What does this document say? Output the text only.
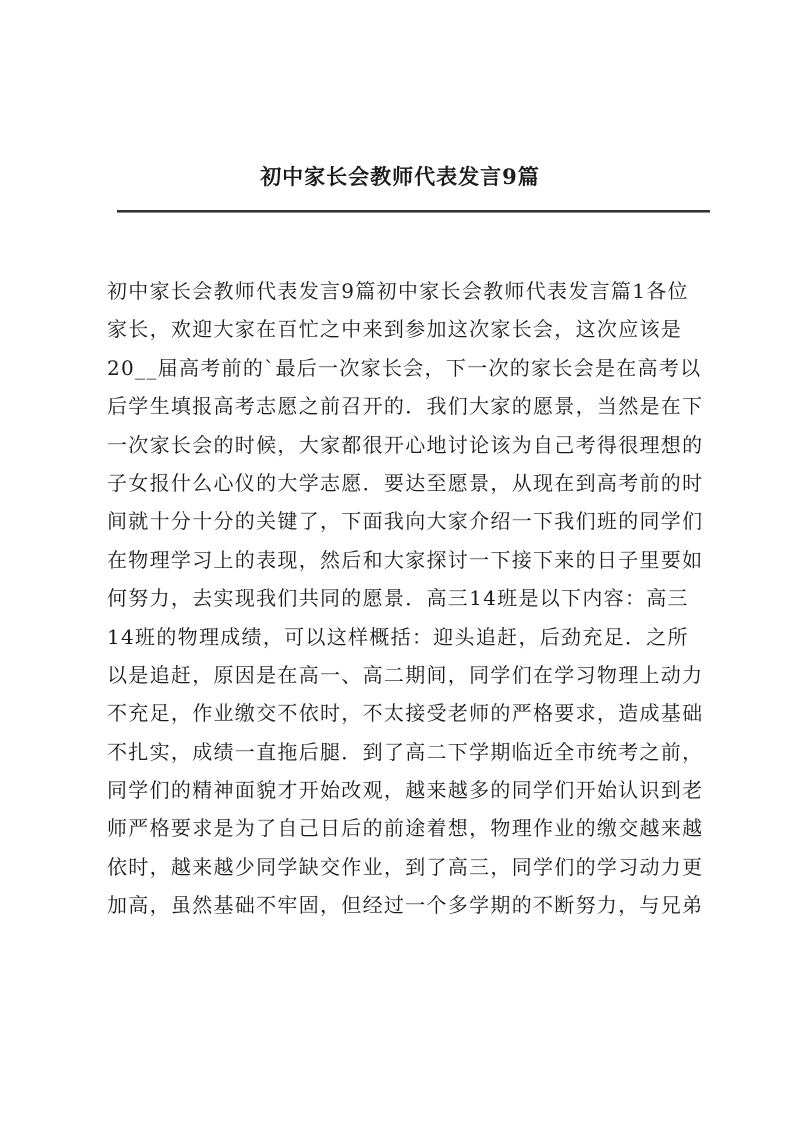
初中家长会教师代表发言9篇
初中家长会教师代表发言9篇初中家长会教师代表发言篇1各位
家长，欢迎大家在百忙之中来到参加这次家长会，这次应该是
20__届高考前的`最后一次家长会，下一次的家长会是在高考以
后学生填报高考志愿之前召开的．我们大家的愿景，当然是在下
一次家长会的时候，大家都很开心地讨论该为自己考得很理想的
子女报什么心仪的大学志愿．要达至愿景，从现在到高考前的时
间就十分十分的关键了，下面我向大家介绍一下我们班的同学们
在物理学习上的表现，然后和大家探讨一下接下来的日子里要如
何努力，去实现我们共同的愿景．高三14班是以下内容：高三
14班的物理成绩，可以这样概括：迎头追赶，后劲充足．之所
以是追赶，原因是在高一、高二期间，同学们在学习物理上动力
不充足，作业缴交不依时，不太接受老师的严格要求，造成基础
不扎实，成绩一直拖后腿．到了高二下学期临近全市统考之前，
同学们的精神面貌才开始改观，越来越多的同学们开始认识到老
师严格要求是为了自己日后的前途着想，物理作业的缴交越来越
依时，越来越少同学缺交作业，到了高三，同学们的学习动力更
加高，虽然基础不牢固，但经过一个多学期的不断努力，与兄弟
